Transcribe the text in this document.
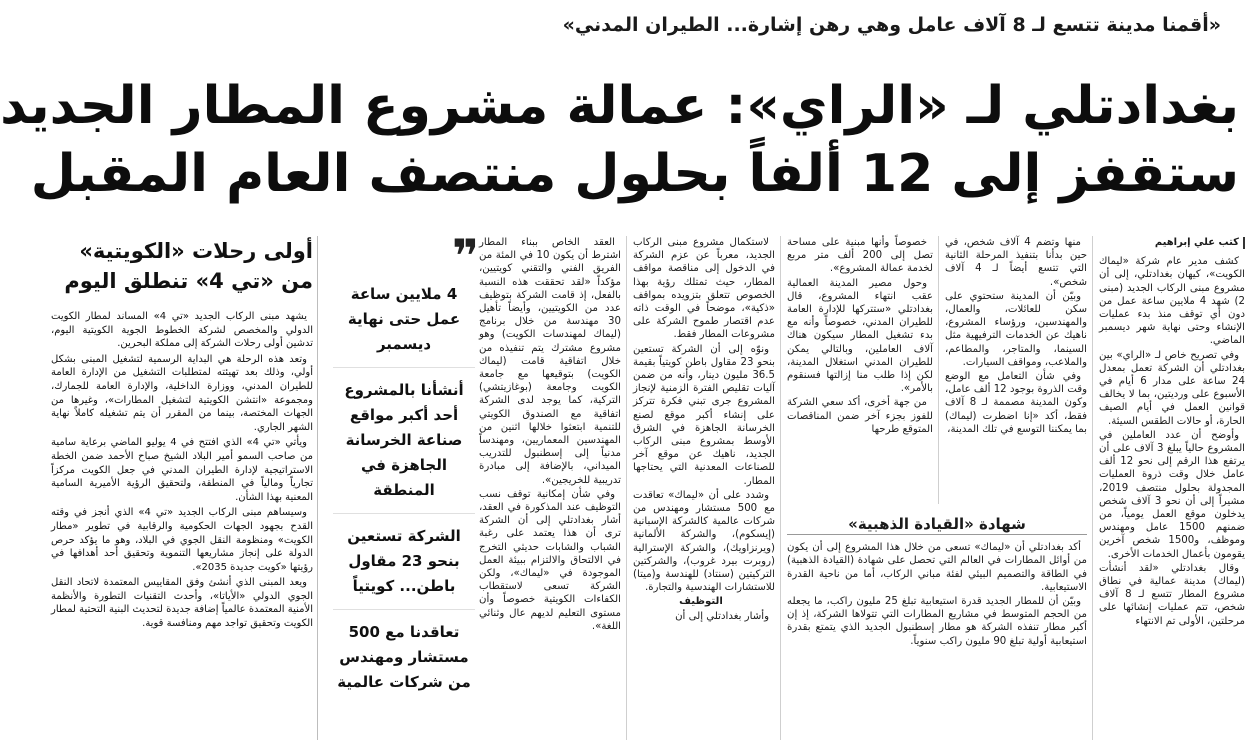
«أقمنا مدينة تتسع لـ 8 آلاف عامل وهي رهن إشارة... الطيران المدني»
بغدادتلي لـ «الراي»: عمالة مشروع المطار الجديد
ستقفز إلى 12 ألفاً بحلول منتصف العام المقبل
كتب علي إبراهيم

كشف مدير عام شركة «ليماك الكويت»، كيهان بغدادتلي، إلى أن مشروع مبنى الركاب الجديد (مبنى 2) شهد 4 ملايين ساعة عمل من دون أي توقف منذ بدء عمليات الإنشاء وحتى نهاية شهر ديسمبر الماضي.

وفي تصريح خاص لـ «الراي» بين بغدادتلي أن الشركة تعمل بمعدل 24 ساعة على مدار 6 أيام في الأسبوع على ورديتين، بما لا يخالف قوانين العمل في أيام الصيف الحارة، أو حالات الطقس السيئة.

وأوضح أن عدد العاملين في المشروع حالياً يبلغ 3 آلاف على أن يرتفع هذا الرقم إلى نحو 12 ألف عامل خلال وقت ذروة العمليات المجدولة بحلول منتصف 2019، مشيراً إلى أن نحو 3 آلاف شخص يدخلون موقع العمل يومياً، من ضمنهم 1500 عامل ومهندس وموظف، و1500 شخص آخرين يقومون بأعمال الخدمات الأخرى.

وقال بغدادتلي «لقد أنشأت (ليماك) مدينة عمالية في نطاق مشروع المطار تتسع لـ 8 آلاف شخص، تتم عمليات إنشائها على مرحلتين، الأولى تم الانتهاء

منها وتضم 4 آلاف شخص، في حين بدأنا بتنفيذ المرحلة الثانية التي تتسع أيضاً لـ 4 آلاف شخص».

وبيّن أن المدينة ستحتوي على سكن للعائلات، والعمال، والمهندسين، ورؤساء المشروع، ناهيك عن الخدمات الترفيهية مثل السينما، والمتاجر، والمطاعم، والملاعب، ومواقف السيارات.

وفي شأن التعامل مع الوضع وقت الذروة بوجود 12 ألف عامل، وكون المدينة مصممة لـ 8 آلاف فقط، أكد «إنا اضطرت (ليماك) بما يمكننا التوسع في تلك المدينة،

خصوصاً وأنها مبنية على مساحة تصل إلى 200 ألف متر مربع لخدمة عمالة المشروع».

وحول مصير المدينة العمالية عقب انتهاء المشروع، قال بغدادتلي «ستتركها للإدارة العامة للطيران المدني، خصوصاً وأنه مع بدء تشغيل المطار سيكون هناك آلاف العاملين، وبالتالي يمكن للطيران المدني استغلال المدينة، لكن إذا طلب منا إزالتها فسنقوم بالأمر».

من جهة أخرى، أكد سعي الشركة للفوز بجزء آخر ضمن المناقصات المتوقع طرحها

شهادة «القيادة الذهبية»

أكد بغدادتلي أن «ليماك» تسعى من خلال هذا المشروع إلى أن يكون من أوائل المطارات في العالم التي تحصل على شهادة (القيادة الذهبية) في الطاقة والتصميم البيئي لفئة مباني الركاب، أما من ناحية القدرة الاستيعابية.

وبيّن أن للمطار الجديد قدرة استيعابية تبلغ 25 مليون راكب، ما يجعله من الحجم المتوسط في مشاريع المطارات التي تتولاها الشركة، إذ إن أكبر مطار تنفذه الشركة هو مطار إسطنبول الجديد الذي يتمتع بقدرة استيعابية أولية تبلغ 90 مليون راكب سنوياً.

لاستكمال مشروع مبنى الركاب الجديد، معرباً عن عزم الشركة في الدخول إلى مناقصة مواقف المطار، حيث تمتلك رؤية بهذا الخصوص تتعلق بتزويده بمواقف «ذكية»، موضحاً في الوقت ذاته عدم اقتصار طموح الشركة على مشروعات المطار فقط.

ونوّه إلى أن الشركة تستعين بنحو 23 مقاول باطن كويتياً بقيمة 36.5 مليون دينار، وأنه من ضمن آليات تقليص الفترة الزمنية لإنجاز المشروع جرى تبني فكرة تتركز على إنشاء أكبر موقع لصنع الخرسانة الجاهزة في الشرق الأوسط بمشروع مبنى الركاب الجديد، ناهيك عن موقع آخر للصناعات المعدنية التي يحتاجها المطار.

وشدد على أن «ليماك» تعاقدت مع 500 مستشار ومهندس من شركات عالمية كالشركة الإسبانية (إيسكوم)، والشركة الألمانية (ويرنزاويك)، والشركة الإسترالية (روبرت بيرد غروب)، والشركتين التركيتين (سنتاد) للهندسة و(ميتا) للاستشارات الهندسية والتجارة.

التوظيف

وأشار بغدادتلي إلى أن

العقد الخاص ببناء المطار اشترط أن يكون 10 في المئة من الفريق الفني والتقني كويتيين، مؤكداً «لقد تحققت هذه النسبة بالفعل، إذ قامت الشركة بتوظيف عدد من الكويتيين، وأيضاً تأهيل 30 مهندسة من خلال برنامج (ليماك لمهندسات الكويت) وهو مشروع مشترك يتم تنفيذه من خلال اتفاقية قامت (ليماك الكويت) بتوقيعها مع جامعة الكويت وجامعة (بوغازيتشي) التركية، كما يوجد لدى الشركة اتفاقية مع الصندوق الكويتي للتنمية ابتعثوا خلالها اثنين من المهندسين المعماريين، ومهندساً مدنياً إلى إسطنبول للتدريب الميداني، بالإضافة إلى مبادرة تدريبية للخريجين».

وفي شأن إمكانية توقف نسب التوظيف عند المذكورة في العقد، أشار بغدادتلي إلى أن الشركة ترى أن هذا يعتمد على رغبة الشباب والشابات حديثي التخرج في الالتحاق والالتزام ببيئة العمل الموجودة في «ليماك»، ولكن الشركة تسعى لاستقطاب الكفاءات الكويتية خصوصاً وأن مستوى التعليم لديهم عال وثنائي اللغة».

❞
4 ملايين ساعة عمل حتى نهاية ديسمبر
أنشأنا بالمشروع أحد أكبر مواقع صناعة الخرسانة الجاهزة في المنطقة
الشركة تستعين بنحو 23 مقاول باطن... كويتياً
تعاقدنا مع 500 مستشار ومهندس من شركات عالمية
أولى رحلات «الكويتية»
من «تي 4» تنطلق اليوم

يشهد مبنى الركاب الجديد «تي 4» المساند لمطار الكويت الدولي والمخصص لشركة الخطوط الجوية الكويتية اليوم، تدشين أولى رحلات الشركة إلى مملكة البحرين.

وتعد هذه الرحلة هي البداية الرسمية لتشغيل المبنى بشكل أولي، وذلك بعد تهيئته لمتطلبات التشغيل من الإدارة العامة للطيران المدني، ووزارة الداخلية، والإدارة العامة للجمارك، ومجموعة «انتشن الكويتية لتشغيل المطارات»، وغيرها من الجهات المختصة، بينما من المقرر أن يتم تشغيله كاملاً نهاية الشهر الجاري.

ويأتي «تي 4» الذي افتتح في 4 يوليو الماضي برعاية سامية من صاحب السمو أمير البلاد الشيخ صباح الأحمد ضمن الخطة الاستراتيجية لإدارة الطيران المدني في جعل الكويت مركزاً تجارياً ومالياً في المنطقة، ولتحقيق الرؤية الأميرية السامية المعنية بهذا الشأن.

وسيساهم مبنى الركاب الجديد «تي 4» الذي أنجز في وقته القدح بجهود الجهات الحكومية والرقابية في تطوير «مطار الكويت» ومنظومة النقل الجوي في البلاد، وهو ما يؤكد حرص الدولة على إنجاز مشاريعها التنموية وتحقيق أحد أهدافها في رؤيتها «كويت جديدة 2035».

ويعد المبنى الذي أنشئ وفق المقاييس المعتمدة لاتحاد النقل الجوي الدولي «الأياتا»، وأحدث التقنيات التطورة والأنظمة الأمنية المعتمدة عالمياً إضافة جديدة لتحديث البنية التحتية لمطار الكويت وتحقيق تواجد مهم ومنافسة قوية.
